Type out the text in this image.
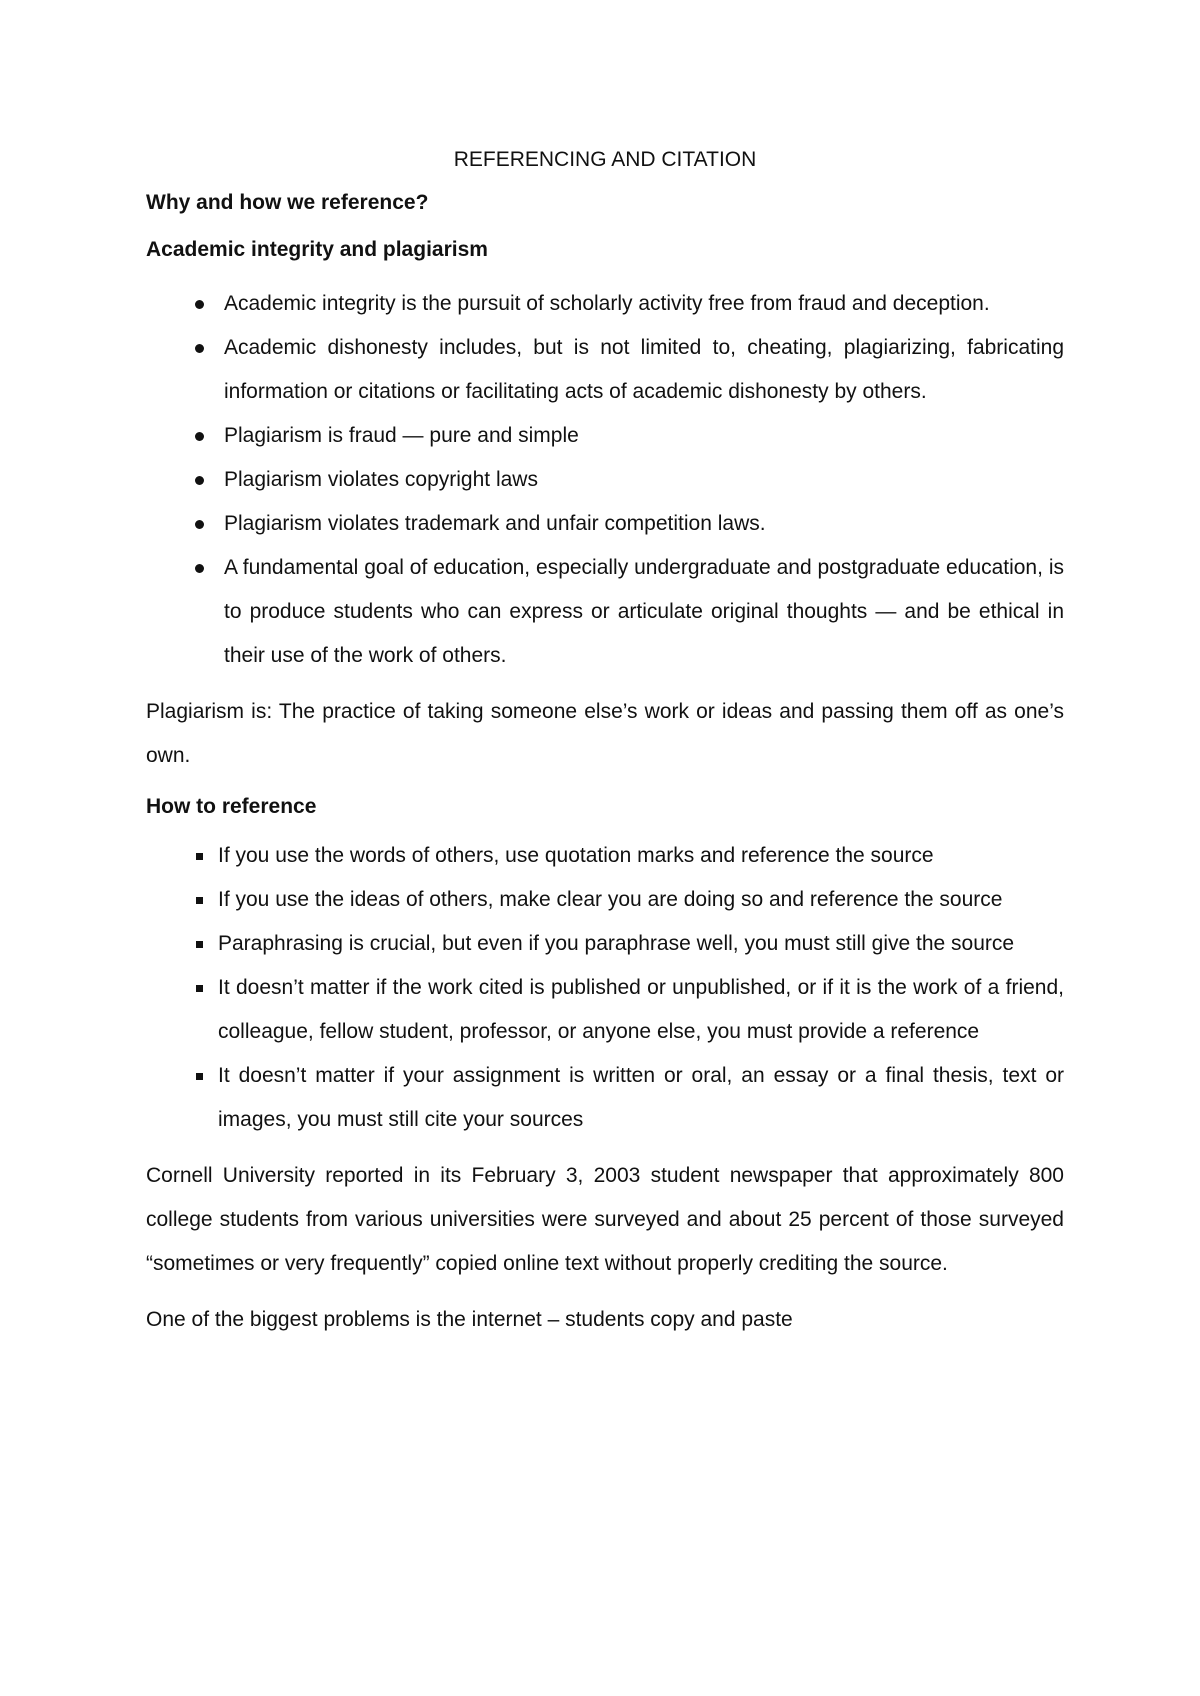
REFERENCING AND CITATION
Why and how we reference?
Academic integrity and plagiarism
Academic integrity is the pursuit of scholarly activity free from fraud and deception.
Academic dishonesty includes, but is not limited to, cheating, plagiarizing, fabricating information or citations or facilitating acts of academic dishonesty by others.
Plagiarism is fraud — pure and simple
Plagiarism violates copyright laws
Plagiarism violates trademark and unfair competition laws.
A fundamental goal of education, especially undergraduate and postgraduate education, is to produce students who can express or articulate original thoughts — and be ethical in their use of the work of others.

Plagiarism is: The practice of taking someone else’s work or ideas and passing them off as one’s own.

How to reference
If you use the words of others, use quotation marks and reference the source
If you use the ideas of others, make clear you are doing so and reference the source
Paraphrasing is crucial, but even if you paraphrase well, you must still give the source
It doesn’t matter if the work cited is published or unpublished, or if it is the work of a friend, colleague, fellow student, professor, or anyone else, you must provide a reference
It doesn’t matter if your assignment is written or oral, an essay or a final thesis, text or images, you must still cite your sources

Cornell University reported in its February 3, 2003 student newspaper that approximately 800 college students from various universities were surveyed and about 25 percent of those surveyed “sometimes or very frequently” copied online text without properly crediting the source.

One of the biggest problems is the internet – students copy and paste
